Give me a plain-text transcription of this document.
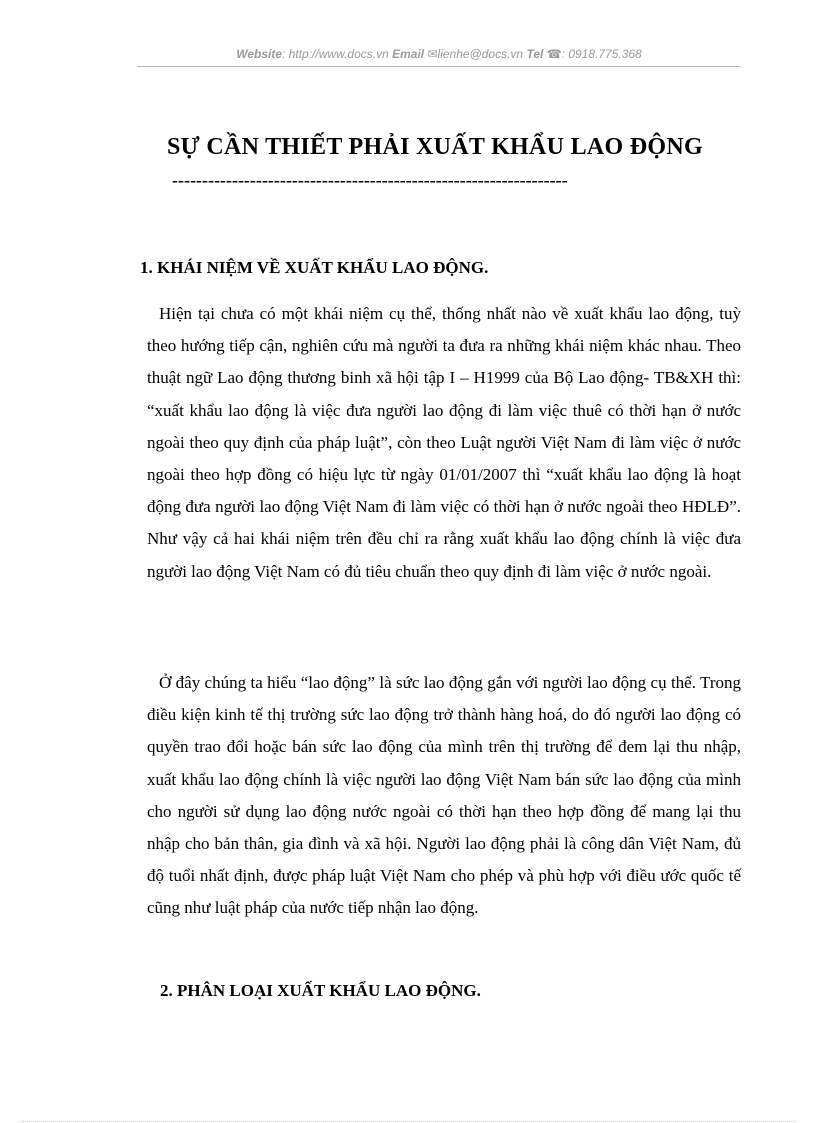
Website: http://www.docs.vn Email ✉lienhe@docs.vn Tel ☎: 0918.775.368
SỰ CẦN THIẾT PHẢI XUẤT KHẨU LAO ĐỘNG
------------------------------------------------------------------
1. KHÁI NIỆM VỀ XUẤT KHẨU LAO ĐỘNG.
Hiện tại chưa có một khái niệm cụ thể, thống nhất nào về xuất khẩu lao động, tuỳ theo hướng tiếp cận, nghiên cứu mà người ta đưa ra những khái niệm khác nhau. Theo thuật ngữ Lao động thương binh xã hội tập I – H1999 của Bộ Lao động- TB&XH thì: “xuất khẩu lao động là việc đưa người lao động đi làm việc thuê có thời hạn ở nước ngoài theo quy định của pháp luật”, còn theo Luật người Việt Nam đi làm việc ở nước ngoài theo hợp đồng có hiệu lực từ ngày 01/01/2007 thì “xuất khẩu lao động là hoạt động đưa người lao động Việt Nam đi làm việc có thời hạn ở nước ngoài theo HĐLĐ”. Như vậy cả hai khái niệm trên đều chỉ ra rằng xuất khẩu lao động chính là việc đưa người lao động Việt Nam có đủ tiêu chuẩn theo quy định đi làm việc ở nước ngoài.
Ở đây chúng ta hiểu “lao động” là sức lao động gắn với người lao động cụ thể. Trong điều kiện kinh tế thị trường sức lao động trở thành hàng hoá, do đó người lao động có quyền trao đổi hoặc bán sức lao động của mình trên thị trường để đem lại thu nhập, xuất khẩu lao động chính là việc người lao động Việt Nam bán sức lao động của mình cho người sử dụng lao động nước ngoài có thời hạn theo hợp đồng để mang lại thu nhập cho bản thân, gia đình và xã hội. Người lao động phải là công dân Việt Nam, đủ độ tuổi nhất định, được pháp luật Việt Nam cho phép và phù hợp với điều ước quốc tế cũng như luật pháp của nước tiếp nhận lao động.
2. PHÂN LOẠI XUẤT KHẨU LAO ĐỘNG.
